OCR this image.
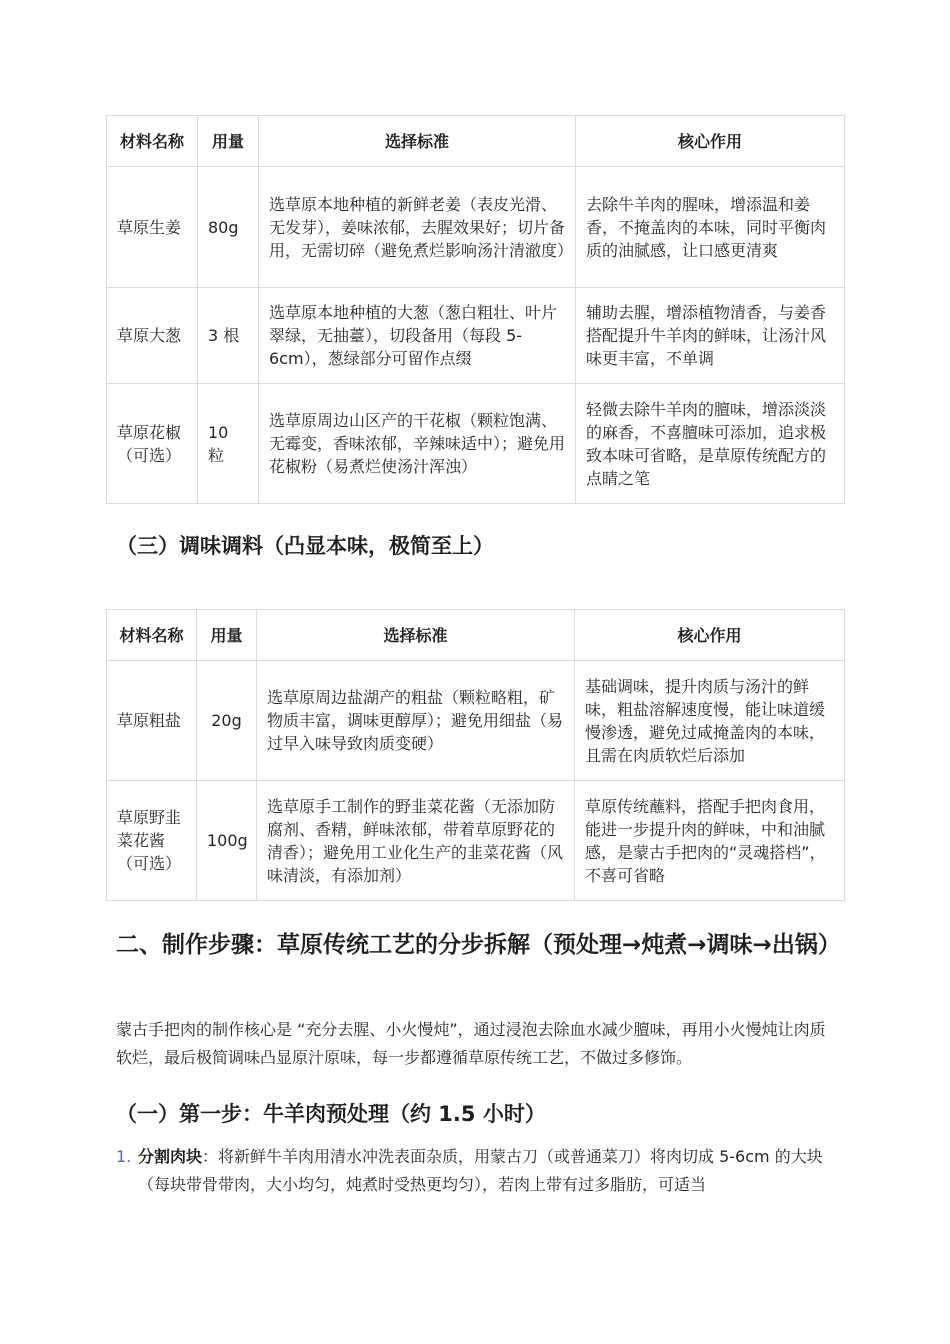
材料名称	用量	选择标准	核心作用
草原生姜	80g	选草原本地种植的新鲜老姜（表皮光滑、无发芽），姜味浓郁，去腥效果好；切片备用，无需切碎（避免煮烂影响汤汁清澈度）	去除牛羊肉的腥味，增添温和姜香，不掩盖肉的本味，同时平衡肉质的油腻感，让口感更清爽
草原大葱	3 根	选草原本地种植的大葱（葱白粗壮、叶片翠绿，无抽薹），切段备用（每段 5-6cm），葱绿部分可留作点缀	辅助去腥，增添植物清香，与姜香搭配提升牛羊肉的鲜味，让汤汁风味更丰富，不单调
草原花椒（可选）	10 粒	选草原周边山区产的干花椒（颗粒饱满、无霉变，香味浓郁，辛辣味适中）；避免用花椒粉（易煮烂使汤汁浑浊）	轻微去除牛羊肉的膻味，增添淡淡的麻香，不喜膻味可添加，追求极致本味可省略，是草原传统配方的点睛之笔
（三）调味调料（凸显本味，极简至上）
材料名称	用量	选择标准	核心作用
草原粗盐	20g	选草原周边盐湖产的粗盐（颗粒略粗，矿物质丰富，调味更醇厚）；避免用细盐（易过早入味导致肉质变硬）	基础调味，提升肉质与汤汁的鲜味，粗盐溶解速度慢，能让味道缓慢渗透，避免过咸掩盖肉的本味，且需在肉质软烂后添加
草原野韭菜花酱（可选）	100g	选草原手工制作的野韭菜花酱（无添加防腐剂、香精，鲜味浓郁，带着草原野花的清香）；避免用工业化生产的韭菜花酱（风味清淡，有添加剂）	草原传统蘸料，搭配手把肉食用，能进一步提升肉的鲜味，中和油腻感，是蒙古手把肉的“灵魂搭档”，不喜可省略
二、制作步骤：草原传统工艺的分步拆解（预处理→炖煮→调味→出锅）

蒙古手把肉的制作核心是 “充分去腥、小火慢炖”，通过浸泡去除血水减少膻味，再用小火慢炖让肉质软烂，最后极简调味凸显原汁原味，每一步都遵循草原传统工艺，不做过多修饰。

（一）第一步：牛羊肉预处理（约 1.5 小时）
1. 分割肉块：将新鲜牛羊肉用清水冲洗表面杂质，用蒙古刀（或普通菜刀）将肉切成 5-6cm 的大块（每块带骨带肉，大小均匀，炖煮时受热更均匀），若肉上带有过多脂肪，可适当
